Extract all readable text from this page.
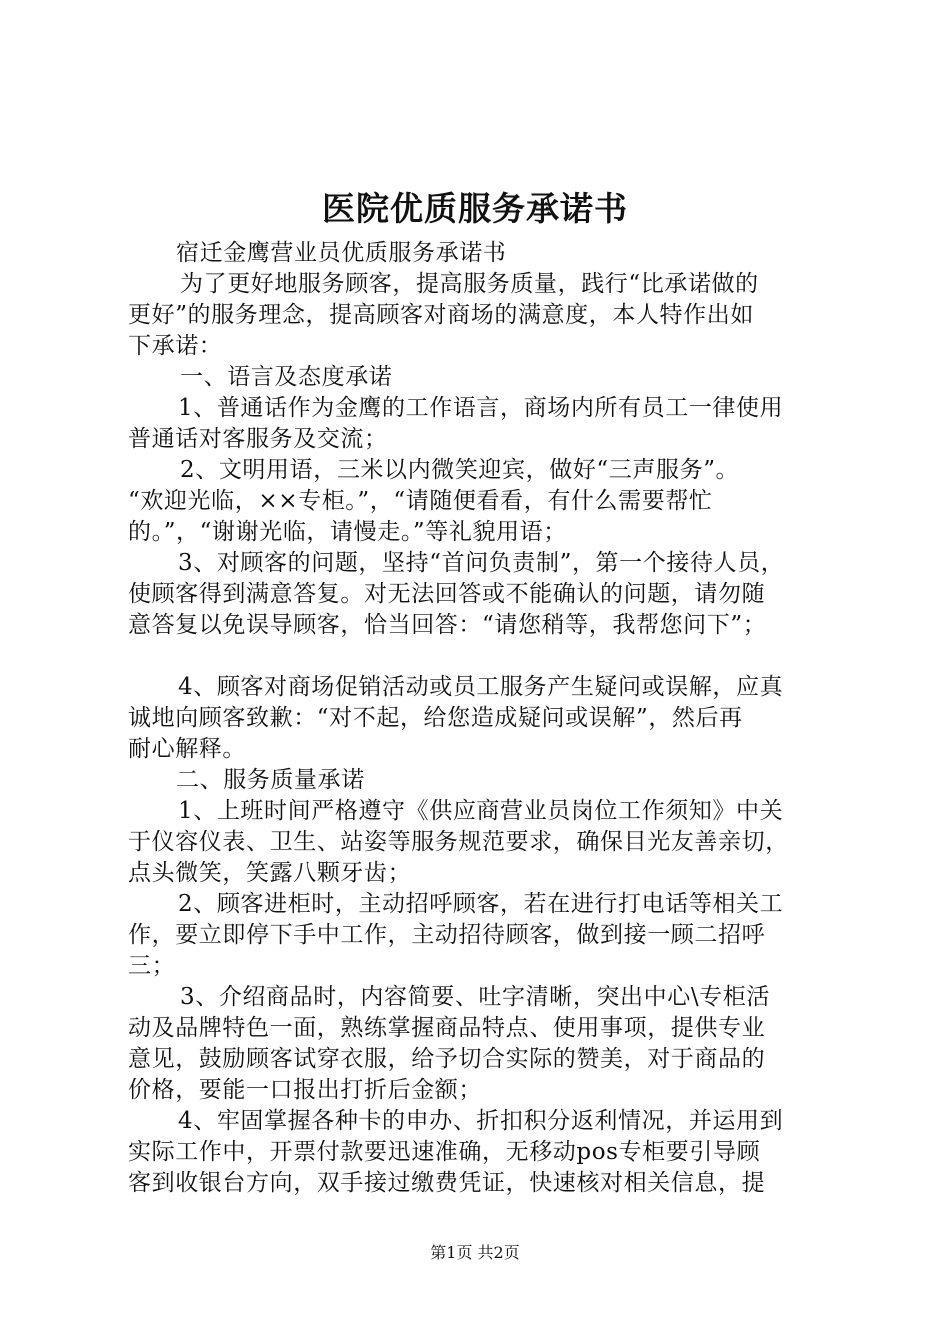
医院优质服务承诺书
宿迁金鹰营业员优质服务承诺书
为了更好地服务顾客，提高服务质量，践行“比承诺做的
更好”的服务理念，提高顾客对商场的满意度，本人特作出如
下承诺：
一、语言及态度承诺
1、普通话作为金鹰的工作语言，商场内所有员工一律使用
普通话对客服务及交流；
2、文明用语，三米以内微笑迎宾，做好“三声服务”。
“欢迎光临，××专柜。”，“请随便看看，有什么需要帮忙
的。”，“谢谢光临，请慢走。”等礼貌用语；
3、对顾客的问题，坚持“首问负责制”，第一个接待人员，
使顾客得到满意答复。对无法回答或不能确认的问题，请勿随
意答复以免误导顾客，恰当回答：“请您稍等，我帮您问下”；
4、顾客对商场促销活动或员工服务产生疑问或误解，应真
诚地向顾客致歉：“对不起，给您造成疑问或误解”，然后再
耐心解释。
二、服务质量承诺
1、上班时间严格遵守《供应商营业员岗位工作须知》中关
于仪容仪表、卫生、站姿等服务规范要求，确保目光友善亲切，
点头微笑，笑露八颗牙齿；
2、顾客进柜时，主动招呼顾客，若在进行打电话等相关工
作，要立即停下手中工作，主动招待顾客，做到接一顾二招呼
三；
3、介绍商品时，内容简要、吐字清晰，突出中心\专柜活
动及品牌特色一面，熟练掌握商品特点、使用事项，提供专业
意见，鼓励顾客试穿衣服，给予切合实际的赞美，对于商品的
价格，要能一口报出打折后金额；
4、牢固掌握各种卡的申办、折扣积分返利情况，并运用到
实际工作中，开票付款要迅速准确，无移动pos专柜要引导顾
客到收银台方向，双手接过缴费凭证，快速核对相关信息，提
第1页 共2页
